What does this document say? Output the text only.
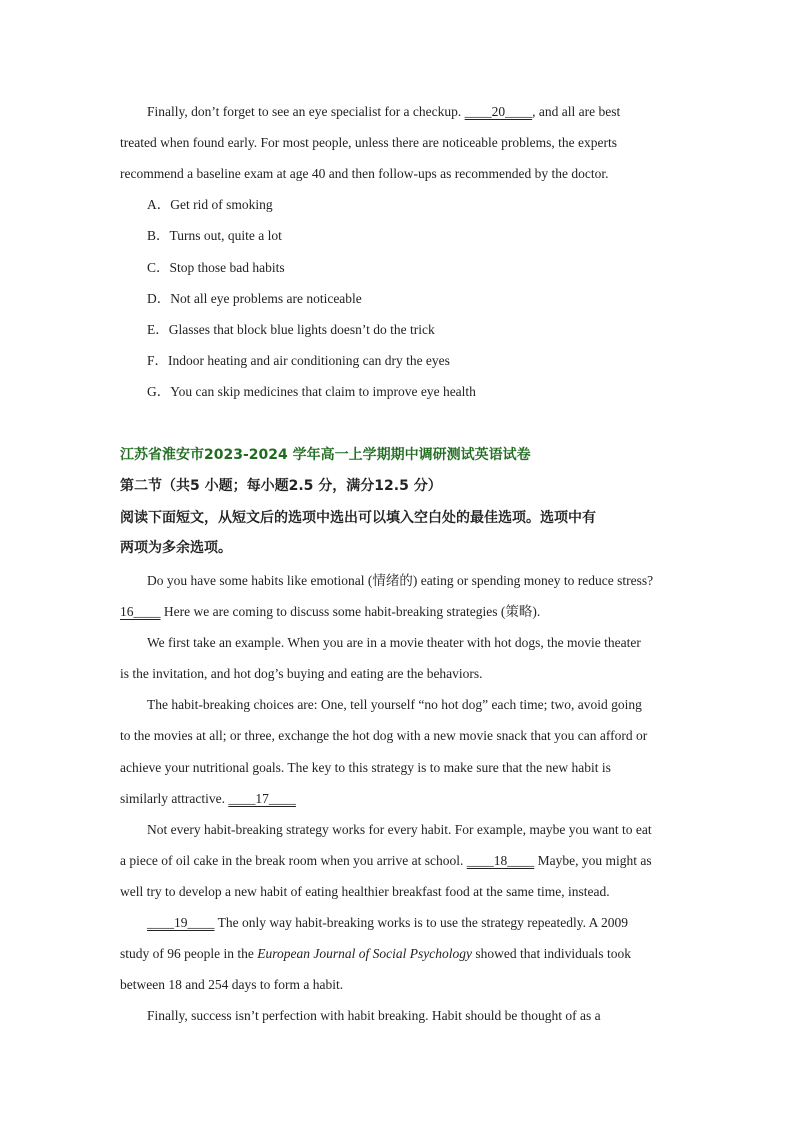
Finally, don’t forget to see an eye specialist for a checkup. ____20____, and all are best
treated when found early. For most people, unless there are noticeable problems, the experts
recommend a baseline exam at age 40 and then follow-ups as recommended by the doctor.
A．Get rid of smoking
B．Turns out, quite a lot
C．Stop those bad habits
D．Not all eye problems are noticeable
E．Glasses that block blue lights doesn’t do the trick
F．Indoor heating and air conditioning can dry the eyes
G．You can skip medicines that claim to improve eye health
江苏省淮安市2023-2024 学年高一上学期期中调研测试英语试卷
第二节（共5 小题；每小题2.5 分，满分12.5 分）
阅读下面短文，从短文后的选项中选出可以填入空白处的最佳选项。选项中有
两项为多余选项。
Do you have some habits like emotional (情绪的) eating or spending money to reduce stress?
16____ Here we are coming to discuss some habit-breaking strategies (策略).
We first take an example. When you are in a movie theater with hot dogs, the movie theater
is the invitation, and hot dog’s buying and eating are the behaviors.
The habit-breaking choices are: One, tell yourself “no hot dog” each time; two, avoid going
to the movies at all; or three, exchange the hot dog with a new movie snack that you can afford or
achieve your nutritional goals. The key to this strategy is to make sure that the new habit is
similarly attractive. ____17____
Not every habit-breaking strategy works for every habit. For example, maybe you want to eat
a piece of oil cake in the break room when you arrive at school. ____18____ Maybe, you might as
well try to develop a new habit of eating healthier breakfast food at the same time, instead.
____19____ The only way habit-breaking works is to use the strategy repeatedly. A 2009
study of 96 people in the European Journal of Social Psychology showed that individuals took
between 18 and 254 days to form a habit.
Finally, success isn’t perfection with habit breaking. Habit should be thought of as a
